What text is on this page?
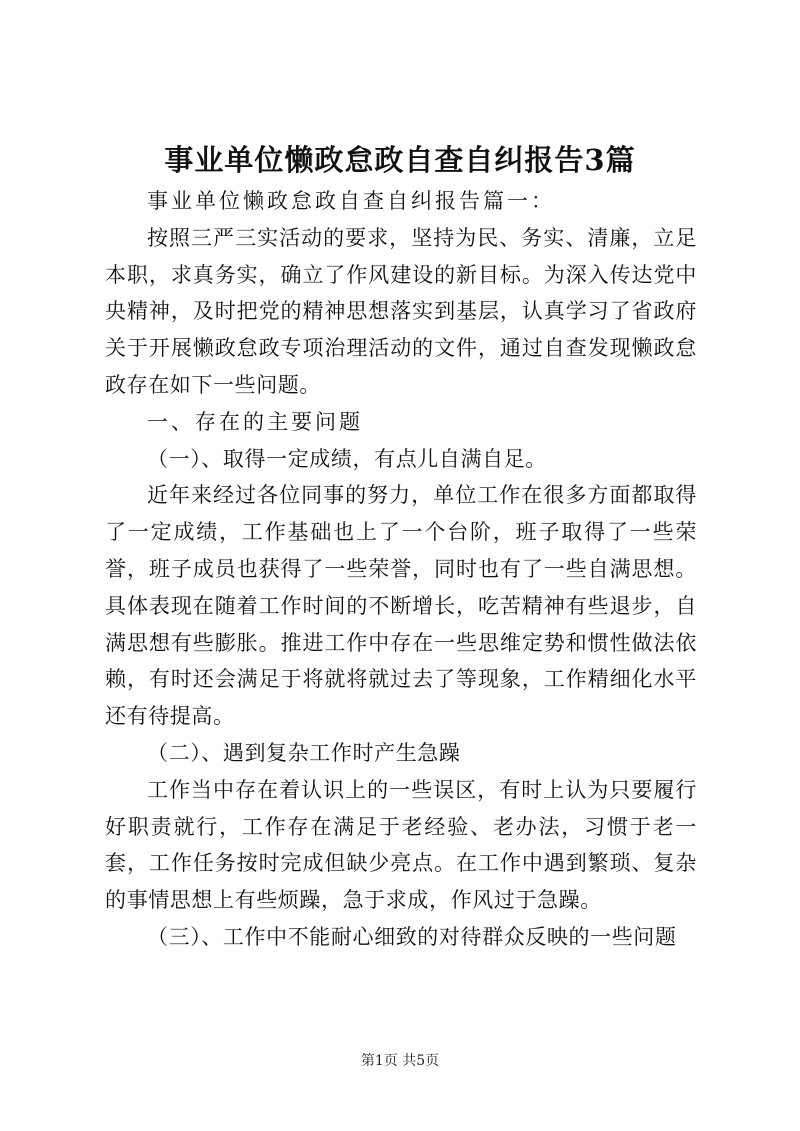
事业单位懒政怠政自查自纠报告3篇

事业单位懒政怠政自查自纠报告篇一：

按照三严三实活动的要求，坚持为民、务实、清廉，立足本职，求真务实，确立了作风建设的新目标。为深入传达党中央精神，及时把党的精神思想落实到基层，认真学习了省政府关于开展懒政怠政专项治理活动的文件，通过自查发现懒政怠政存在如下一些问题。

一、存在的主要问题

（一）、取得一定成绩，有点儿自满自足。

近年来经过各位同事的努力，单位工作在很多方面都取得了一定成绩，工作基础也上了一个台阶，班子取得了一些荣誉，班子成员也获得了一些荣誉，同时也有了一些自满思想。具体表现在随着工作时间的不断增长，吃苦精神有些退步，自满思想有些膨胀。推进工作中存在一些思维定势和惯性做法依赖，有时还会满足于将就将就过去了等现象，工作精细化水平还有待提高。

（二）、遇到复杂工作时产生急躁

工作当中存在着认识上的一些误区，有时上认为只要履行好职责就行，工作存在满足于老经验、老办法，习惯于老一套，工作任务按时完成但缺少亮点。在工作中遇到繁琐、复杂的事情思想上有些烦躁，急于求成，作风过于急躁。

（三）、工作中不能耐心细致的对待群众反映的一些问题

第1页 共5页
